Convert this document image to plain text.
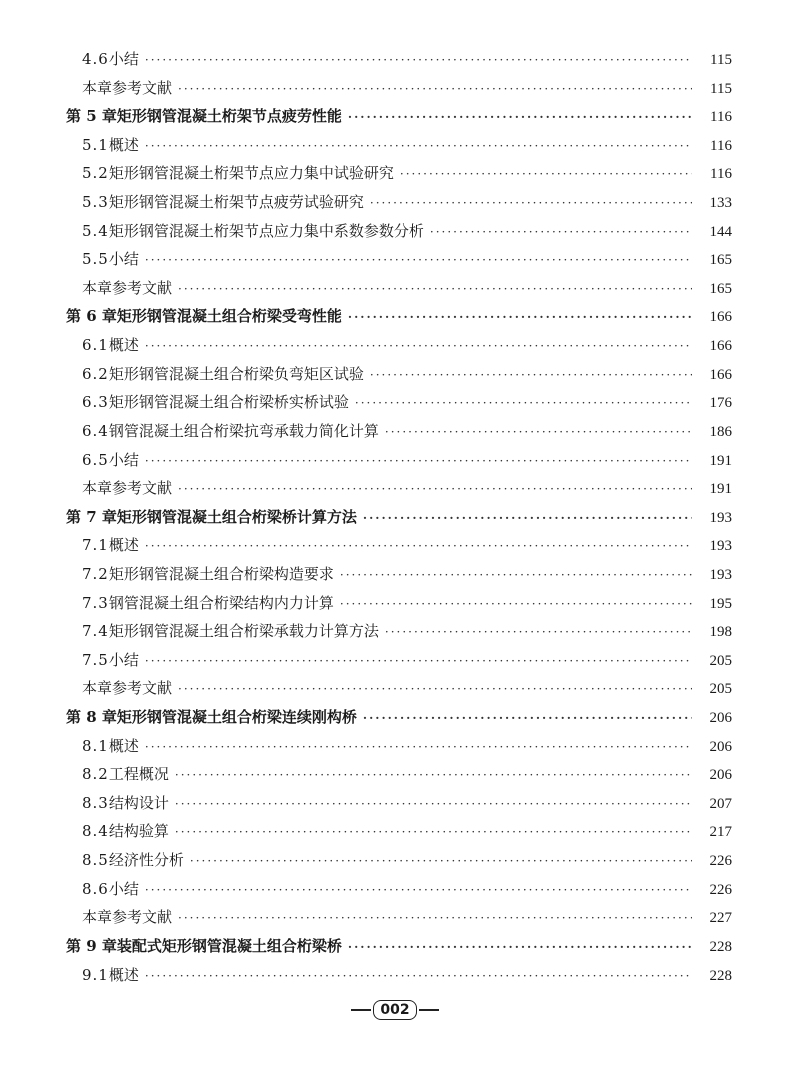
4.6 小结 ·····	115
本章参考文献 ·····	115
第 5 章 矩形钢管混凝土桁架节点疲劳性能 ·····	116
5.1 概述 ·····	116
5.2 矩形钢管混凝土桁架节点应力集中试验研究 ·····	116
5.3 矩形钢管混凝土桁架节点疲劳试验研究 ·····	133
5.4 矩形钢管混凝土桁架节点应力集中系数参数分析 ·····	144
5.5 小结 ·····	165
本章参考文献 ·····	165
第 6 章 矩形钢管混凝土组合桁梁受弯性能 ·····	166
6.1 概述 ·····	166
6.2 矩形钢管混凝土组合桁梁负弯矩区试验 ·····	166
6.3 矩形钢管混凝土组合桁梁桥实桥试验 ·····	176
6.4 钢管混凝土组合桁梁抗弯承载力简化计算 ·····	186
6.5 小结 ·····	191
本章参考文献 ·····	191
第 7 章 矩形钢管混凝土组合桁梁桥计算方法 ·····	193
7.1 概述 ·····	193
7.2 矩形钢管混凝土组合桁梁构造要求 ·····	193
7.3 钢管混凝土组合桁梁结构内力计算 ·····	195
7.4 矩形钢管混凝土组合桁梁承载力计算方法 ·····	198
7.5 小结 ·····	205
本章参考文献 ·····	205
第 8 章 矩形钢管混凝土组合桁梁连续刚构桥 ·····	206
8.1 概述 ·····	206
8.2 工程概况 ·····	206
8.3 结构设计 ·····	207
8.4 结构验算 ·····	217
8.5 经济性分析 ·····	226
8.6 小结 ·····	226
本章参考文献 ·····	227
第 9 章 装配式矩形钢管混凝土组合桁梁桥 ·····	228
9.1 概述 ·····	228
002
